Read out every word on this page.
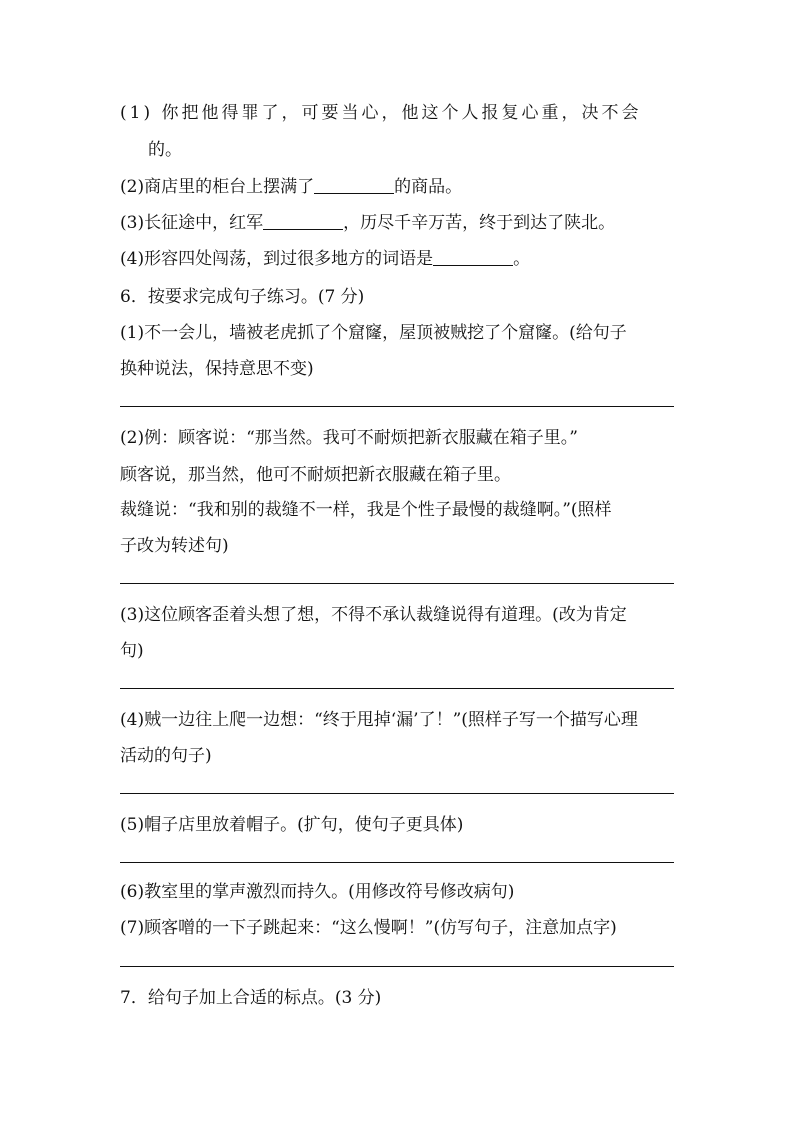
(1) 你把他得罪了，可要当心，他这个人报复心重，决不会
的。
(2)商店里的柜台上摆满了	的商品。
(3)长征途中，红军	，历尽千辛万苦，终于到达了陕北。
(4)形容四处闯荡，到过很多地方的词语是	。
6．按要求完成句子练习。(7 分)
(1)不一会儿，墙被老虎抓了个窟窿，屋顶被贼挖了个窟窿。(给句子
换种说法，保持意思不变)
(2)例：顾客说：“那当然。我可不耐烦把新衣服藏在箱子里。”
顾客说，那当然，他可不耐烦把新衣服藏在箱子里。
裁缝说：“我和别的裁缝不一样，我是个性子最慢的裁缝啊。”(照样
子改为转述句)
(3)这位顾客歪着头想了想，不得不承认裁缝说得有道理。(改为肯定
句)
(4)贼一边往上爬一边想：“终于甩掉‘漏’了！”(照样子写一个描写心理
活动的句子)
(5)帽子店里放着帽子。(扩句，使句子更具体)
(6)教室里的掌声激烈而持久。(用修改符号修改病句)
(7)顾客噌的一下子跳起来：“这么慢啊！”(仿写句子，注意加点字)
7．给句子加上合适的标点。(3 分)
